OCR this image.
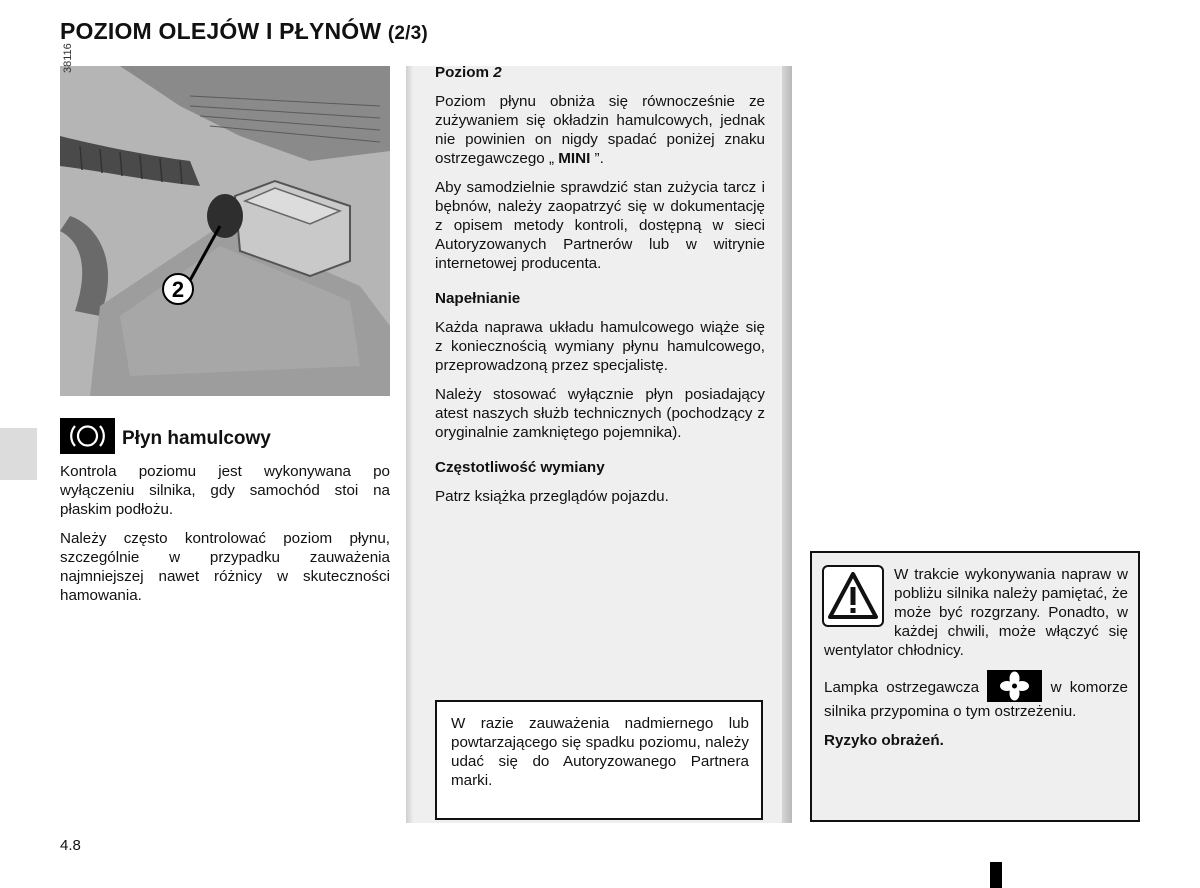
POZIOM OLEJÓW I PŁYNÓW (2/3)
2
38116
Płyn hamulcowy

Kontrola poziomu jest wykonywana po wyłączeniu silnika, gdy samochód stoi na płaskim podłożu.

Należy często kontrolować poziom płynu, szczególnie w przypadku zauważenia najmniejszej nawet różnicy w skuteczności hamowania.

Poziom 2

Poziom płynu obniża się równocześnie ze zużywaniem się okładzin hamulcowych, jednak nie powinien on nigdy spadać poniżej znaku ostrzegawczego „ MINI ”.

Aby samodzielnie sprawdzić stan zużycia tarcz i bębnów, należy zaopatrzyć się w dokumentację z opisem metody kontroli, dostępną w sieci Autoryzowanych Partnerów lub w witrynie internetowej producenta.

Napełnianie

Każda naprawa układu hamulcowego wiąże się z koniecznością wymiany płynu hamulcowego, przeprowadzoną przez specjalistę.

Należy stosować wyłącznie płyn posiadający atest naszych służb technicznych (pochodzący z oryginalnie zamkniętego pojemnika).

Częstotliwość wymiany

Patrz książka przeglądów pojazdu.

W razie zauważenia nadmiernego lub powtarzającego się spadku poziomu, należy udać się do Autoryzowanego Partnera marki.

W trakcie wykonywania napraw w pobliżu silnika należy pamiętać, że może być rozgrzany. Ponadto, w każdej chwili, może włączyć się wentylator chłodnicy.

Lampka ostrzegawcza	w komorze silnika przypomina o tym ostrzeżeniu.

Ryzyko obrażeń.

4.8
